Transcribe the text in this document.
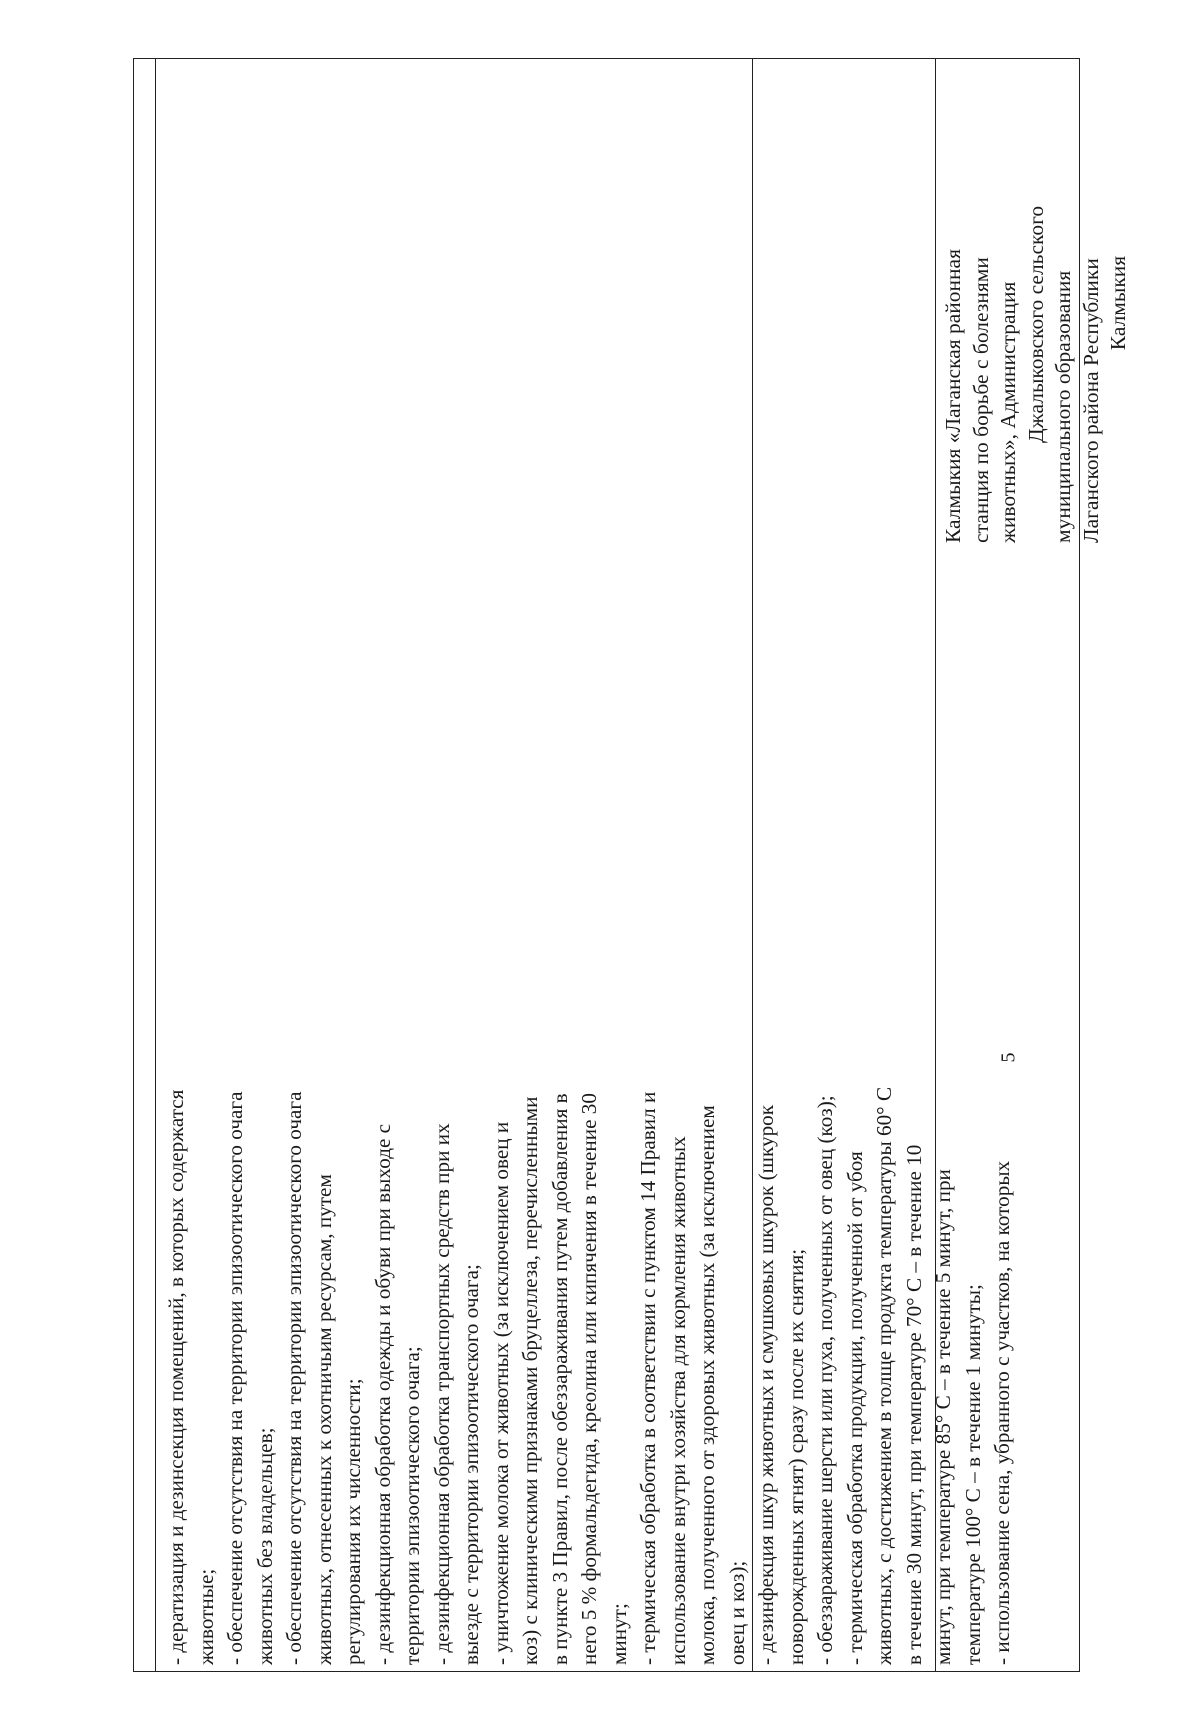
- дератизация и дезинсекция помещений, в которых содержатся животные; - обеспечение отсутствия на территории эпизоотического очага животных без владельцев; - обеспечение отсутствия на территории эпизоотического очага животных, отнесенных к охотничьим ресурсам, путем регулирования их численности; - дезинфекционная обработка одежды и обуви при выходе с территории эпизоотического очага; - дезинфекционная обработка транспортных средств при их выезде с территории эпизоотического очага; - уничтожение молока от животных (за исключением овец и коз) с клиническими признаками бруцеллеза, перечисленными в пункте 3 Правил, после обеззараживания путем добавления в него 5 % формальдегида, креолина или кипячения в течение 30 минут; - термическая обработка в соответствии с пунктом 14 Правил и использование внутри хозяйства для кормления животных молока, полученного от здоровых животных (за исключением овец и коз); - дезинфекция шкур животных и смушковых шкурок (шкурок новорожденных ягнят) сразу после их снятия; - обеззараживание шерсти или пуха, полученных от овец (коз); - термическая обработка продукции, полученной от убоя животных, с достижением в толще продукта температуры 60° С в течение 30 минут, при температуре 70° С – в течение 10 минут, при температуре 85° С – в течение 5 минут, при температуре 100° С – в течение 1 минуты; - использование сена, убранного с участков, на которых
Калмыкия «Лаганская районная станция по борьбе с болезнями животных», Администрация Джалыковского сельского муниципального образования Лаганского района Республики Калмыкия
5
